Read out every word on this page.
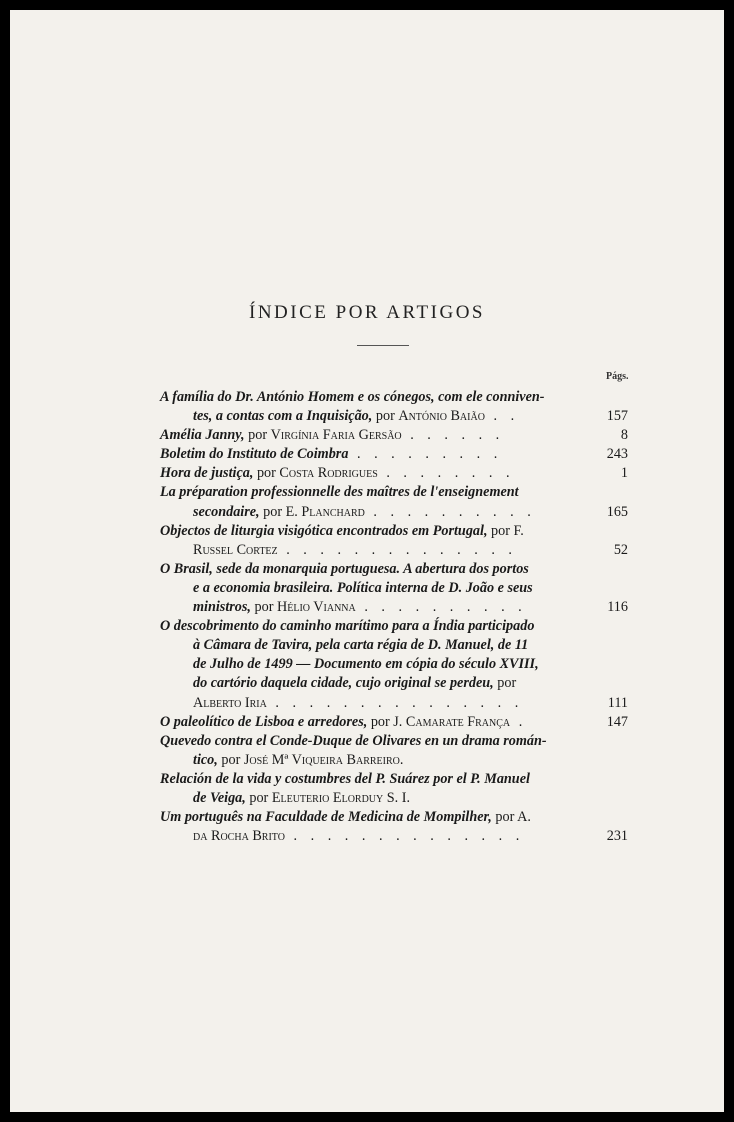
ÍNDICE POR ARTIGOS
Págs.
A família do Dr. António Homem e os cónegos, com ele conniven-
tes, a contas com a Inquisição, por António Baião . .	157
Amélia Janny, por Virgínia Faria Gersão . . . . . .	8
Boletim do Instituto de Coimbra . . . . . . . . .	243
Hora de justiça, por Costa Rodrigues . . . . . . . .	1
La préparation professionnelle des maîtres de l'enseignement
secondaire, por E. Planchard . . . . . . . . . .	165
Objectos de liturgia visigótica encontrados em Portugal, por F.
Russel Cortez . . . . . . . . . . . . . .	52
O Brasil, sede da monarquia portuguesa. A abertura dos portos
e a economia brasileira. Política interna de D. João e seus
ministros, por Hélio Vianna . . . . . . . . . .	116
O descobrimento do caminho marítimo para a Índia participado
à Câmara de Tavira, pela carta régia de D. Manuel, de 11
de Julho de 1499 — Documento em cópia do século XVIII,
do cartório daquela cidade, cujo original se perdeu, por
Alberto Iria . . . . . . . . . . . . . . .	111
O paleolítico de Lisboa e arredores, por J. Camarate França .	147
Quevedo contra el Conde-Duque de Olivares en un drama román-
tico, por José Mª Viqueira Barreiro.
Relación de la vida y costumbres del P. Suárez por el P. Manuel
de Veiga, por Eleuterio Elorduy S. I.
Um português na Faculdade de Medicina de Mompilher, por A.
da Rocha Brito . . . . . . . . . . . . . .	231
